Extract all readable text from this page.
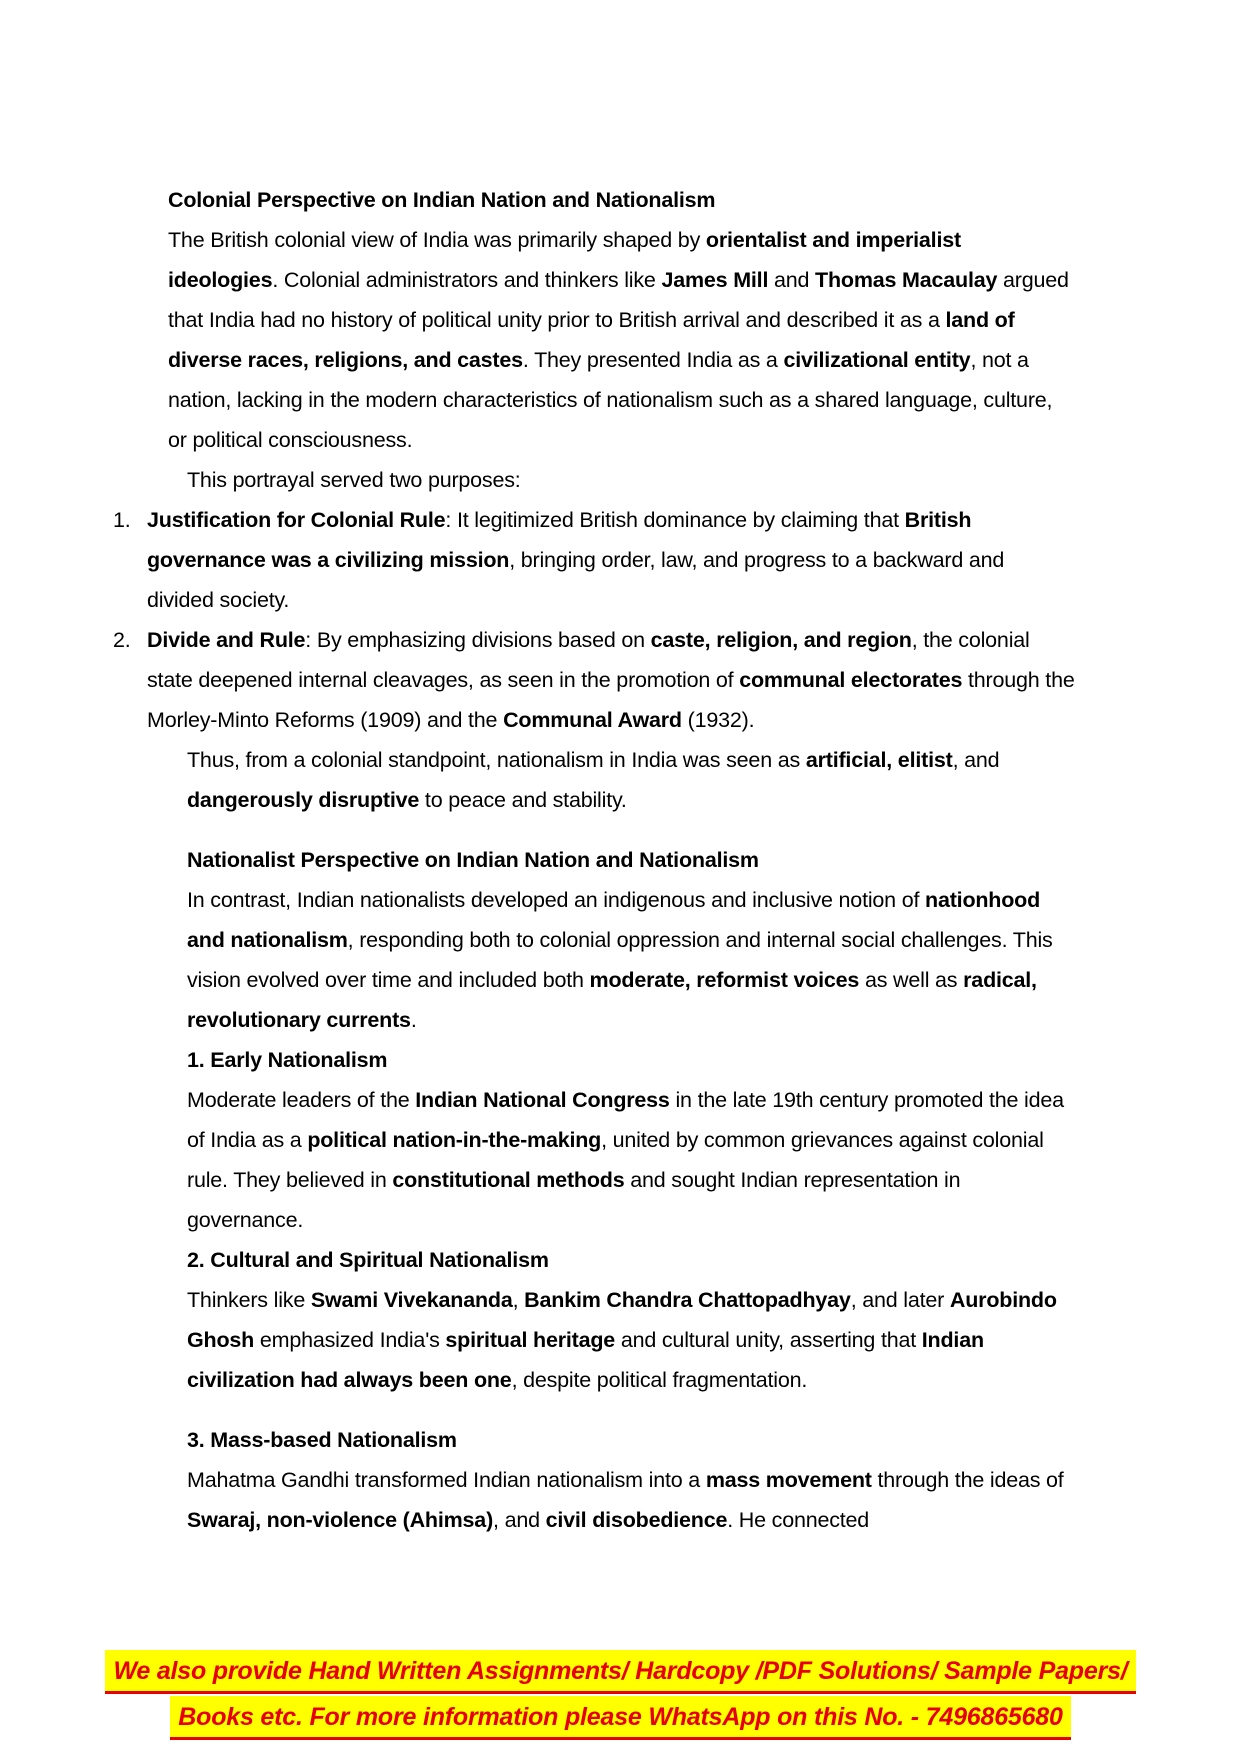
Colonial Perspective on Indian Nation and Nationalism
The British colonial view of India was primarily shaped by orientalist and imperialist ideologies. Colonial administrators and thinkers like James Mill and Thomas Macaulay argued that India had no history of political unity prior to British arrival and described it as a land of diverse races, religions, and castes. They presented India as a civilizational entity, not a nation, lacking in the modern characteristics of nationalism such as a shared language, culture, or political consciousness.
This portrayal served two purposes:
1. Justification for Colonial Rule: It legitimized British dominance by claiming that British governance was a civilizing mission, bringing order, law, and progress to a backward and divided society.
2. Divide and Rule: By emphasizing divisions based on caste, religion, and region, the colonial state deepened internal cleavages, as seen in the promotion of communal electorates through the Morley-Minto Reforms (1909) and the Communal Award (1932).
Thus, from a colonial standpoint, nationalism in India was seen as artificial, elitist, and dangerously disruptive to peace and stability.
Nationalist Perspective on Indian Nation and Nationalism
In contrast, Indian nationalists developed an indigenous and inclusive notion of nationhood and nationalism, responding both to colonial oppression and internal social challenges. This vision evolved over time and included both moderate, reformist voices as well as radical, revolutionary currents.
1. Early Nationalism
Moderate leaders of the Indian National Congress in the late 19th century promoted the idea of India as a political nation-in-the-making, united by common grievances against colonial rule. They believed in constitutional methods and sought Indian representation in governance.
2. Cultural and Spiritual Nationalism
Thinkers like Swami Vivekananda, Bankim Chandra Chattopadhyay, and later Aurobindo Ghosh emphasized India's spiritual heritage and cultural unity, asserting that Indian civilization had always been one, despite political fragmentation.
3. Mass-based Nationalism
Mahatma Gandhi transformed Indian nationalism into a mass movement through the ideas of Swaraj, non-violence (Ahimsa), and civil disobedience. He connected
We also provide Hand Written Assignments/ Hardcopy /PDF Solutions/ Sample Papers/
Books etc. For more information please WhatsApp on this No. - 7496865680
